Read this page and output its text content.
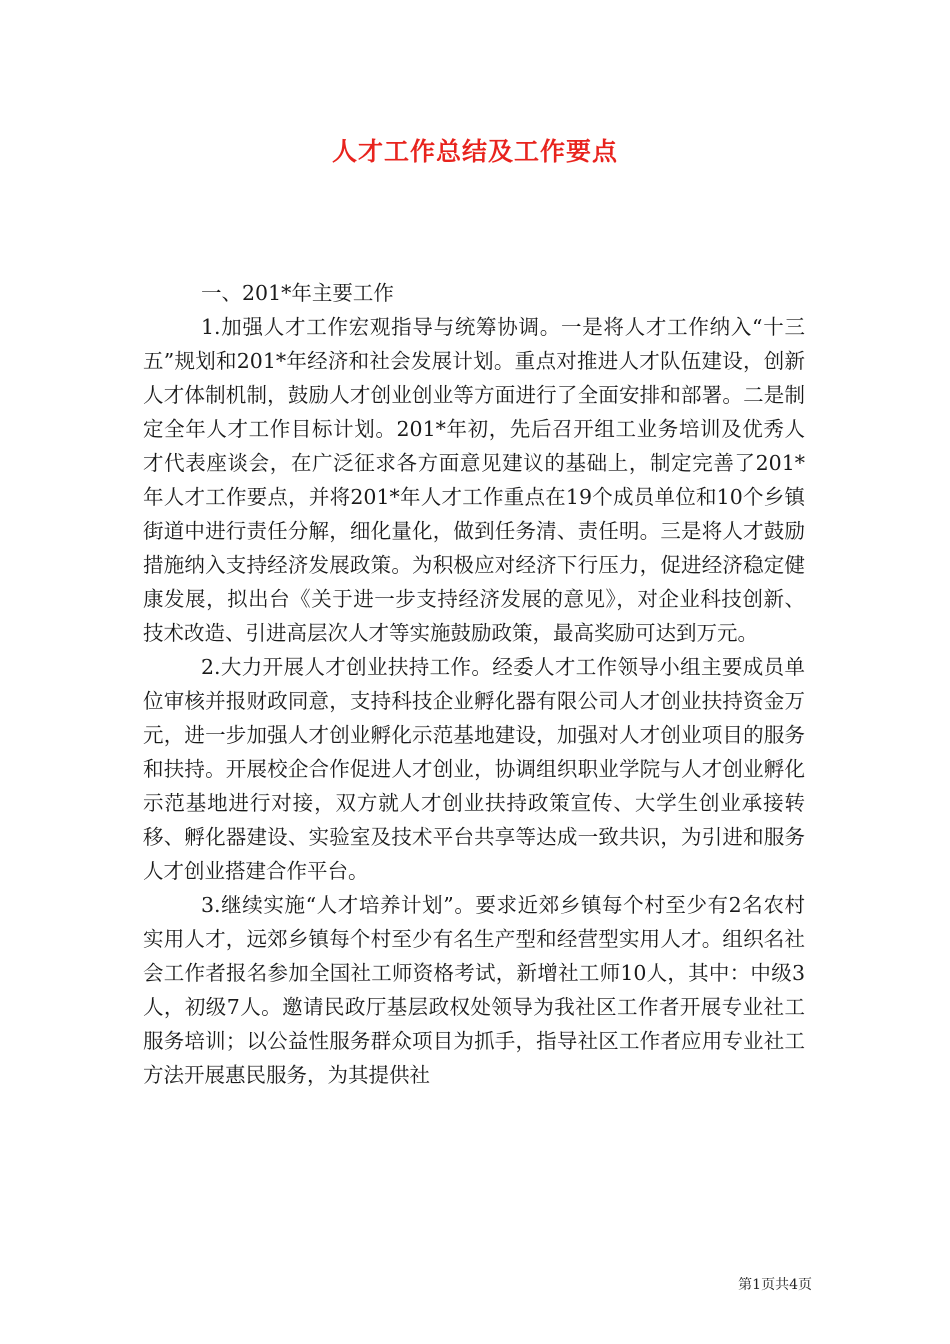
人才工作总结及工作要点
一、201*年主要工作

1.加强人才工作宏观指导与统筹协调。一是将人才工作纳入“十三五”规划和201*年经济和社会发展计划。重点对推进人才队伍建设，创新人才体制机制，鼓励人才创业创业等方面进行了全面安排和部署。二是制定全年人才工作目标计划。201*年初，先后召开组工业务培训及优秀人才代表座谈会，在广泛征求各方面意见建议的基础上，制定完善了201*年人才工作要点，并将201*年人才工作重点在19个成员单位和10个乡镇街道中进行责任分解，细化量化，做到任务清、责任明。三是将人才鼓励措施纳入支持经济发展政策。为积极应对经济下行压力，促进经济稳定健康发展，拟出台《关于进一步支持经济发展的意见》，对企业科技创新、技术改造、引进高层次人才等实施鼓励政策，最高奖励可达到万元。

2.大力开展人才创业扶持工作。经委人才工作领导小组主要成员单位审核并报财政同意，支持科技企业孵化器有限公司人才创业扶持资金万元，进一步加强人才创业孵化示范基地建设，加强对人才创业项目的服务和扶持。开展校企合作促进人才创业，协调组织职业学院与人才创业孵化示范基地进行对接，双方就人才创业扶持政策宣传、大学生创业承接转移、孵化器建设、实验室及技术平台共享等达成一致共识，为引进和服务人才创业搭建合作平台。

3.继续实施“人才培养计划”。要求近郊乡镇每个村至少有2名农村实用人才，远郊乡镇每个村至少有名生产型和经营型实用人才。组织名社会工作者报名参加全国社工师资格考试，新增社工师10人，其中：中级3人，初级7人。邀请民政厅基层政权处领导为我社区工作者开展专业社工服务培训；以公益性服务群众项目为抓手，指导社区工作者应用专业社工方法开展惠民服务，为其提供社

第1页共4页
